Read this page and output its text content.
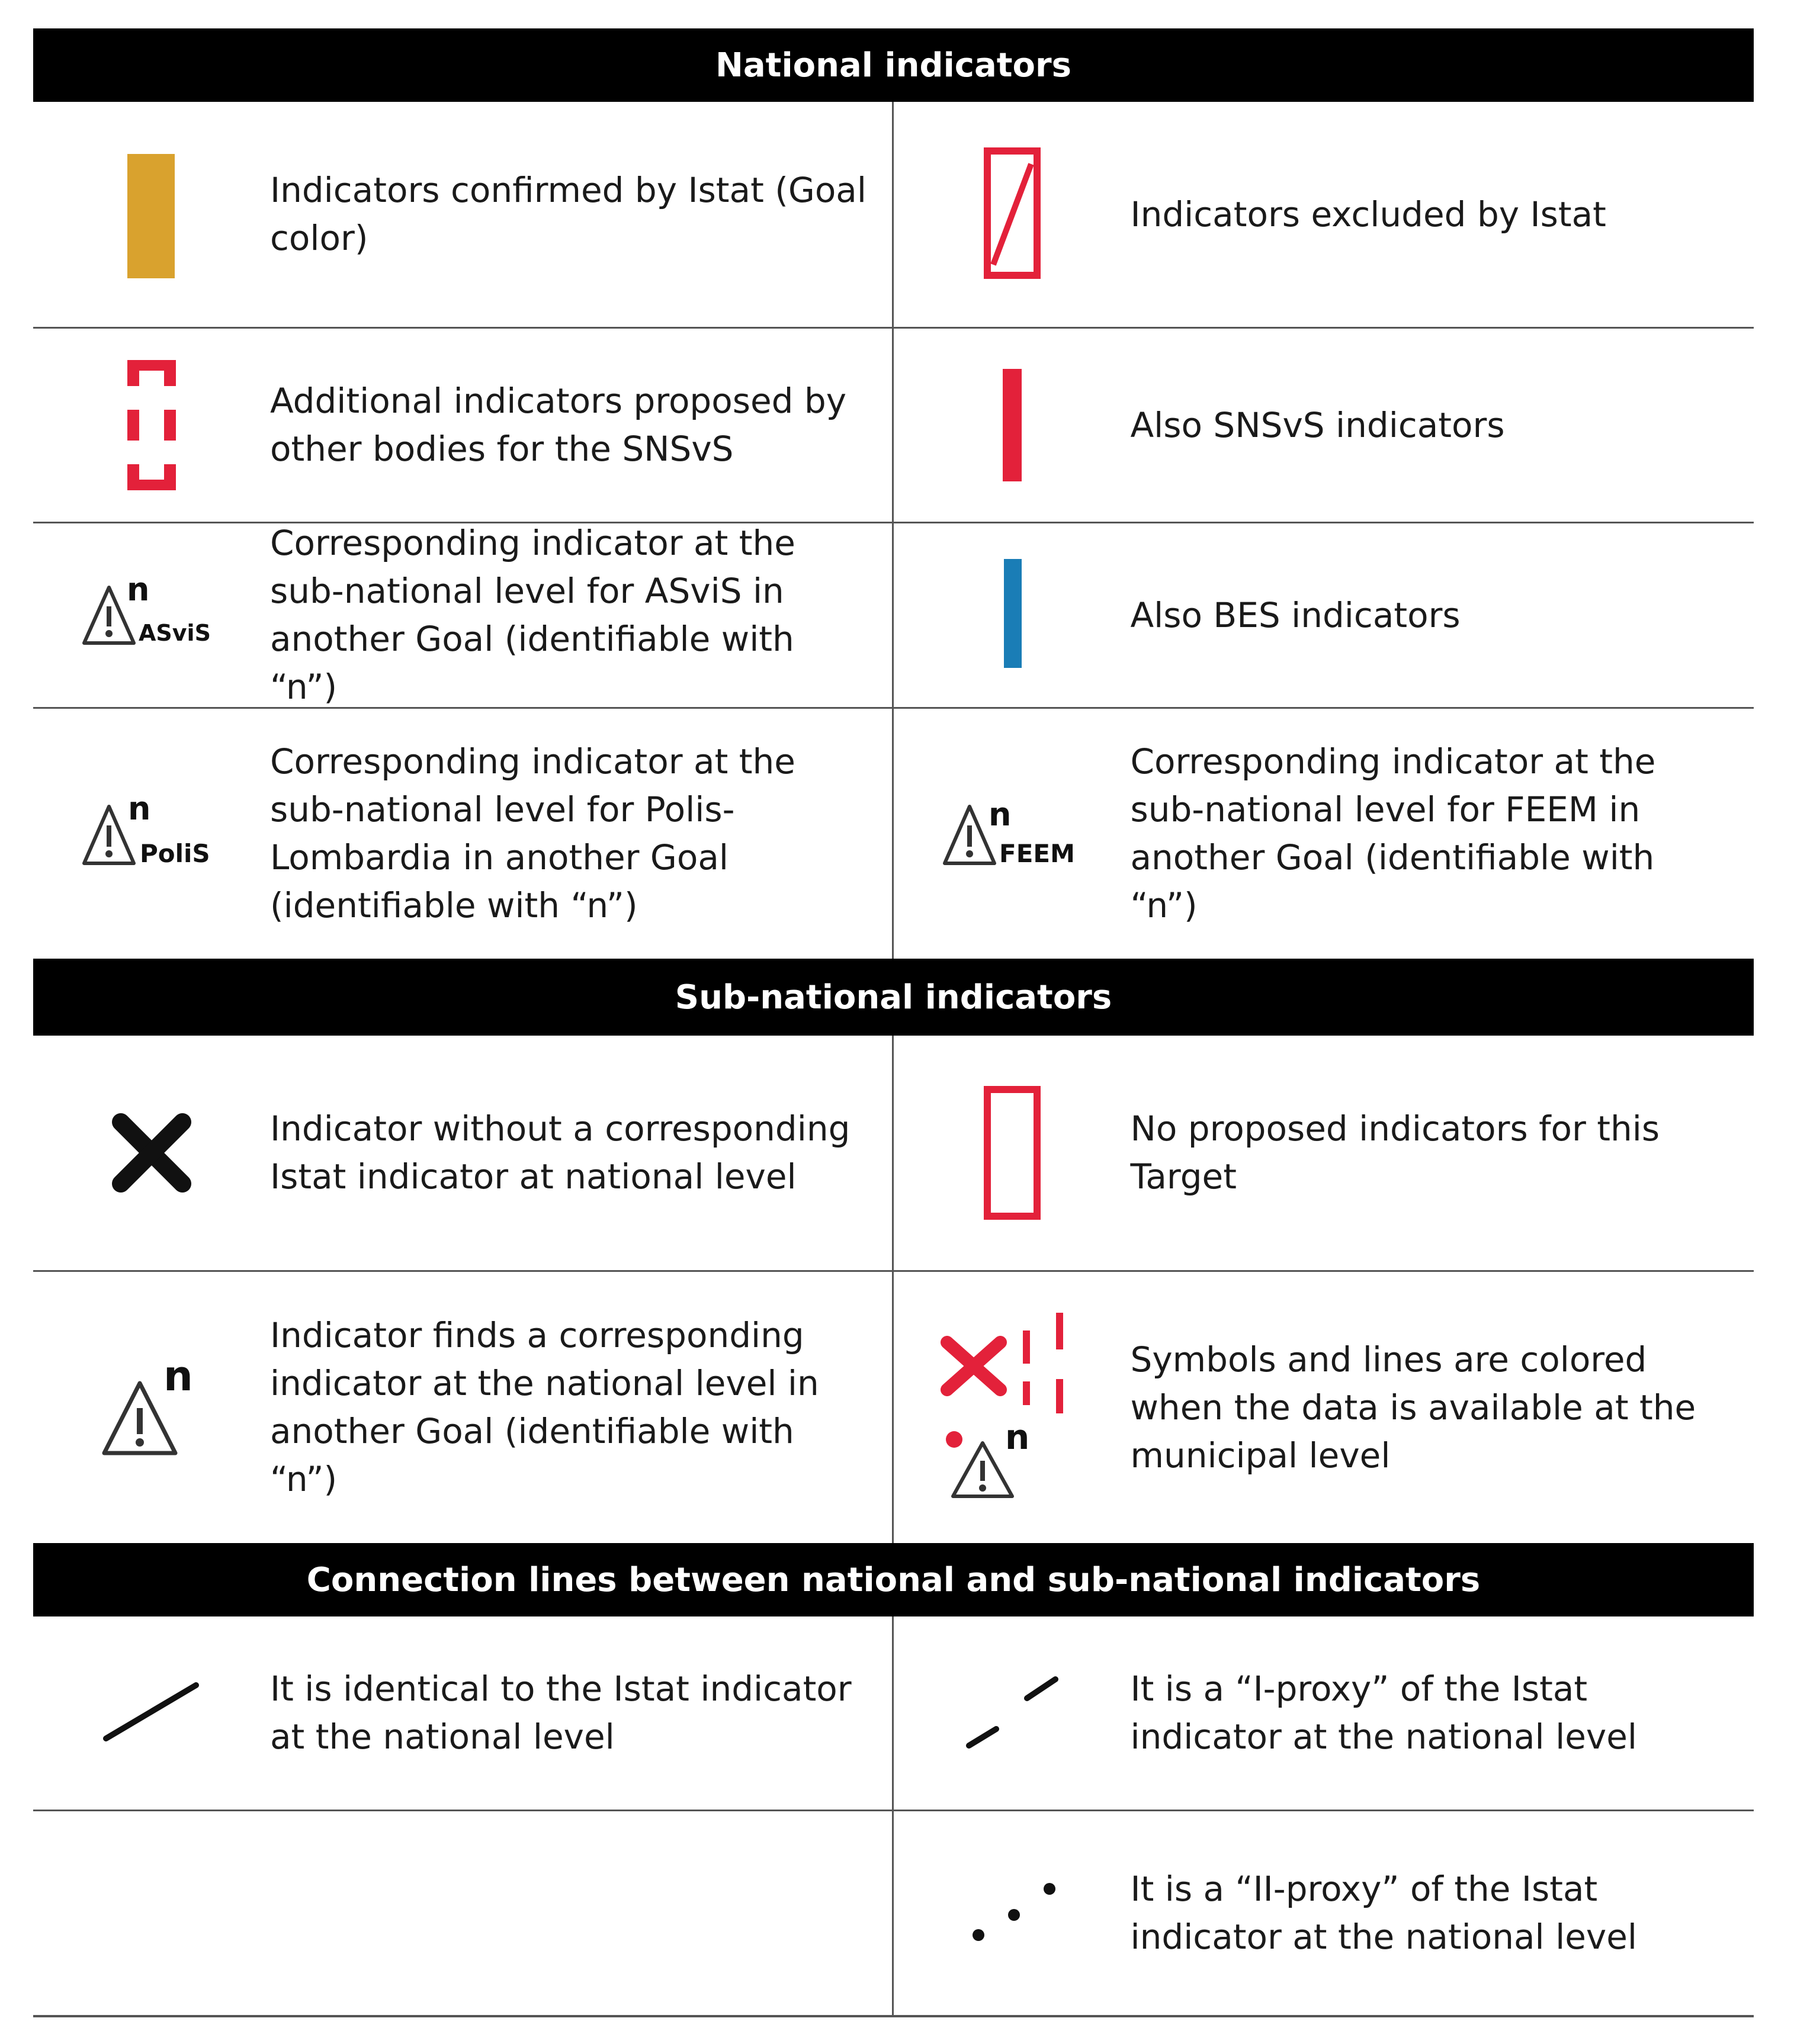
National indicators
Indicators confirmed by Istat (Goal color)
Indicators excluded by Istat
Additional indicators proposed by other bodies for the SNSvS
Also SNSvS indicators
n
ASviS
Corresponding indicator at the sub-national level for ASviS in another Goal (identifiable with “n”)
Also BES indicators
n
PoliS
Corresponding indicator at the sub-national level for Polis-Lombardia in another Goal (identifiable with “n”)
n
FEEM
Corresponding indicator at the sub-national level for FEEM in another Goal (identifiable with “n”)
Sub-national indicators
Indicator without a corresponding Istat indicator at national level
No proposed indicators for this Target
n
Indicator finds a corresponding indicator at the national level in another Goal (identifiable with “n”)
n
Symbols and lines are colored when the data is available at the municipal level
Connection lines between national and sub-national indicators
It is identical to the Istat indicator at the national level
It is a “I-proxy” of the Istat indicator at the national level
It is a “II-proxy” of the Istat indicator at the national level
